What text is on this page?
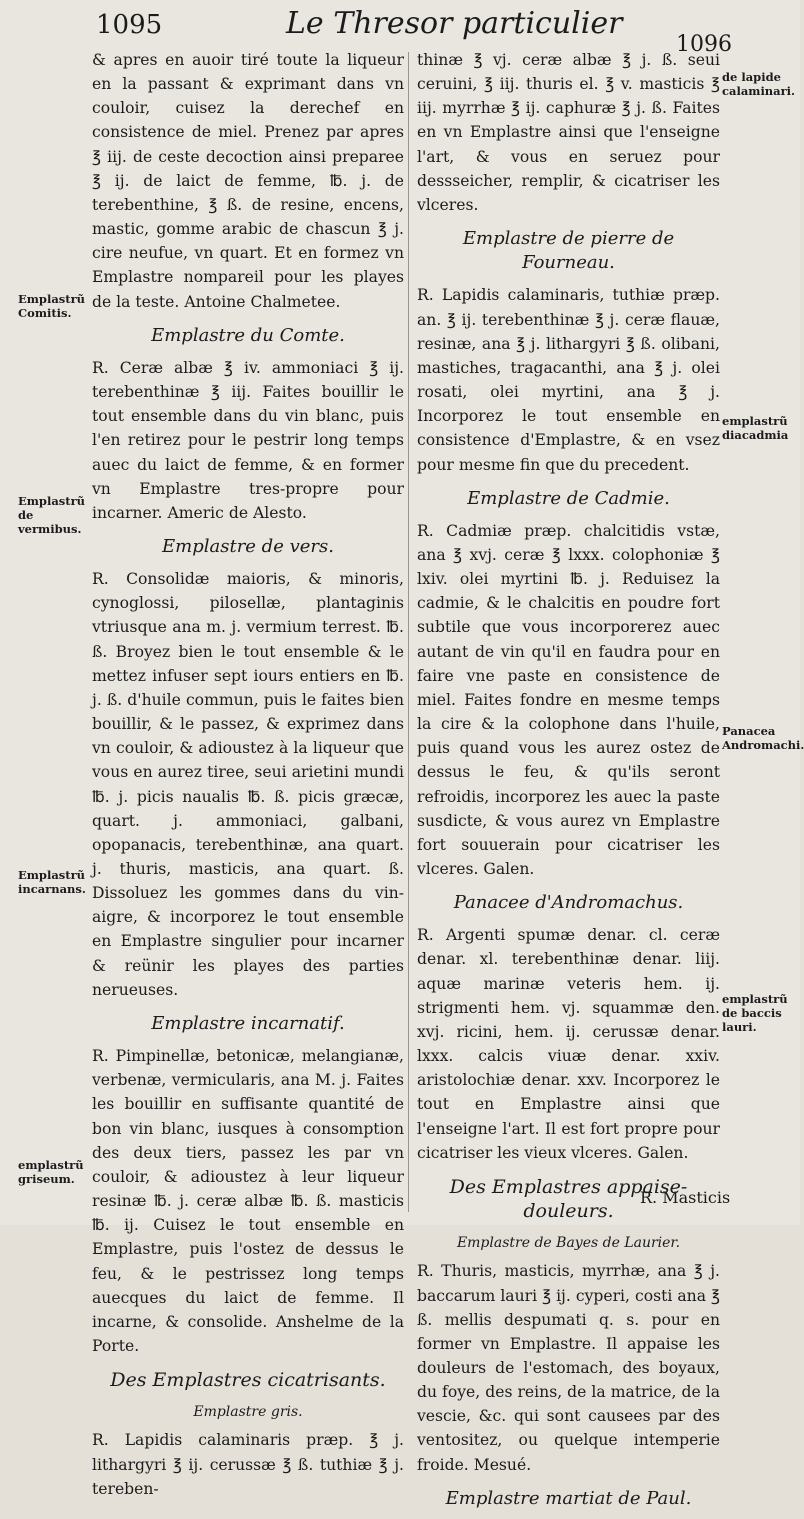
1095	Le Thresor particulier
1096

& apres en auoir tiré toute la liqueur en la passant & exprimant dans vn couloir, cuisez la derechef en consistence de miel. Prenez par apres ℥ iij. de ceste decoction ainsi preparee ℥ ij. de laict de femme, ℔. j. de terebenthine, ℥ ß. de resine, encens, mastic, gomme arabic de chascun ℥ j. cire neufue, vn quart. Et en formez vn Emplastre nompareil pour les playes de la teste. Antoine Chalmetee.

Emplastre du Comte.

R. Ceræ albæ ℥ iv. ammoniaci ℥ ij. terebenthinæ ℥ iij. Faites bouillir le tout ensemble dans du vin blanc, puis l'en retirez pour le pestrir long temps auec du laict de femme, & en former vn Emplastre tres-propre pour incarner. Americ de Alesto.

Emplastre de vers.

R. Consolidæ maioris, & minoris, cynoglossi, pilosellæ, plantaginis vtriusque ana m. j. vermium terrest. ℔. ß. Broyez bien le tout ensemble & le mettez infuser sept iours entiers en ℔. j. ß. d'huile commun, puis le faites bien bouillir, & le passez, & exprimez dans vn couloir, & adioustez à la liqueur que vous en aurez tiree, seui arietini mundi ℔. j. picis naualis ℔. ß. picis græcæ, quart. j. ammoniaci, galbani, opopanacis, terebenthinæ, ana quart. j. thuris, masticis, ana quart. ß. Dissoluez les gommes dans du vin-aigre, & incorporez le tout ensemble en Emplastre singulier pour incarner & reünir les playes des parties nerueuses.

Emplastre incarnatif.

R. Pimpinellæ, betonicæ, melangianæ, verbenæ, vermicularis, ana M. j. Faites les bouillir en suffisante quantité de bon vin blanc, iusques à consomption des deux tiers, passez les par vn couloir, & adioustez à leur liqueur resinæ ℔. j. ceræ albæ ℔. ß. masticis ℔. ij. Cuisez le tout ensemble en Emplastre, puis l'ostez de dessus le feu, & le pestrissez long temps auecques du laict de femme. Il incarne, & consolide. Anshelme de la Porte.

Des Emplastres cicatrisants.
Emplastre gris.

R. Lapidis calaminaris præp. ℥ j. lithargyri ℥ ij. cerussæ ℥ ß. tuthiæ ℥ j. tereben-

thinæ ℥ vj. ceræ albæ ℥ j. ß. seui ceruini, ℥ iij. thuris el. ℥ v. masticis ℥ iij. myrrhæ ℥ ij. caphuræ ℥ j. ß. Faites en vn Emplastre ainsi que l'enseigne l'art, & vous en seruez pour dessseicher, remplir, & cicatriser les vlceres.

Emplastre de pierre de Fourneau.

R. Lapidis calaminaris, tuthiæ præp. an. ℥ ij. terebenthinæ ℥ j. ceræ flauæ, resinæ, ana ℥ j. lithargyri ℥ ß. olibani, mastiches, tragacanthi, ana ℥ j. olei rosati, olei myrtini, ana ℥ j. Incorporez le tout ensemble en consistence d'Emplastre, & en vsez pour mesme fin que du precedent.

Emplastre de Cadmie.

R. Cadmiæ præp. chalcitidis vstæ, ana ℥ xvj. ceræ ℥ lxxx. colophoniæ ℥ lxiv. olei myrtini ℔. j. Reduisez la cadmie, & le chalcitis en poudre fort subtile que vous incorporerez auec autant de vin qu'il en faudra pour en faire vne paste en consistence de miel. Faites fondre en mesme temps la cire & la colophone dans l'huile, puis quand vous les aurez ostez de dessus le feu, & qu'ils seront refroidis, incorporez les auec la paste susdicte, & vous aurez vn Emplastre fort souuerain pour cicatriser les vlceres. Galen.

Panacee d'Andromachus.

R. Argenti spumæ denar. cl. ceræ denar. xl. terebenthinæ denar. liij. aquæ marinæ veteris hem. ij. strigmenti hem. vj. squammæ den. xvj. ricini, hem. ij. cerussæ denar. lxxx. calcis viuæ denar. xxiv. aristolochiæ denar. xxv. Incorporez le tout en Emplastre ainsi que l'enseigne l'art. Il est fort propre pour cicatriser les vieux vlceres. Galen.

Des Emplastres appaise-douleurs.
Emplastre de Bayes de Laurier.

R. Thuris, masticis, myrrhæ, ana ℥ j. baccarum lauri ℥ ij. cyperi, costi ana ℥ ß. mellis despumati q. s. pour en former vn Emplastre. Il appaise les douleurs de l'estomach, des boyaux, du foye, des reins, de la matrice, de la vescie, &c. qui sont causees par des ventositez, ou quelque intemperie froide. Mesué.

Emplastre martiat de Paul.
R. Masticis
Emplastrũ Comitis.
Emplastrũ de vermibus.
Emplastrũ incarnans.
emplastrũ griseum.
de lapide calaminari.
emplastrũ diacadmia
Panacea Andromachi.
emplastrũ de baccis lauri.
